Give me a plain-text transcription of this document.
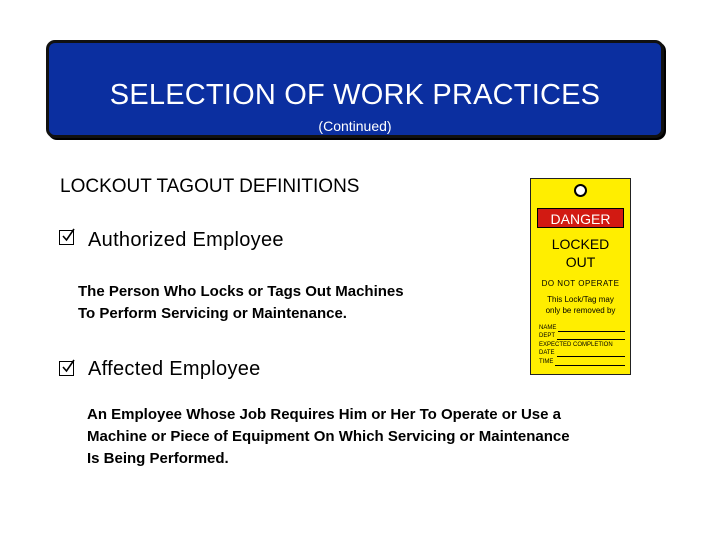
SELECTION OF WORK PRACTICES
(Continued)
LOCKOUT TAGOUT DEFINITIONS
Authorized Employee
The Person Who Locks or Tags Out Machines
To Perform Servicing or Maintenance.
Affected Employee
An Employee Whose Job Requires Him or Her To Operate or Use a
Machine or Piece of Equipment On Which Servicing or Maintenance
Is Being Performed.
DANGER
LOCKED
OUT
DO NOT OPERATE
This Lock/Tag may
only be removed by
NAME
DEPT
EXPECTED COMPLETION
DATE
TIME
